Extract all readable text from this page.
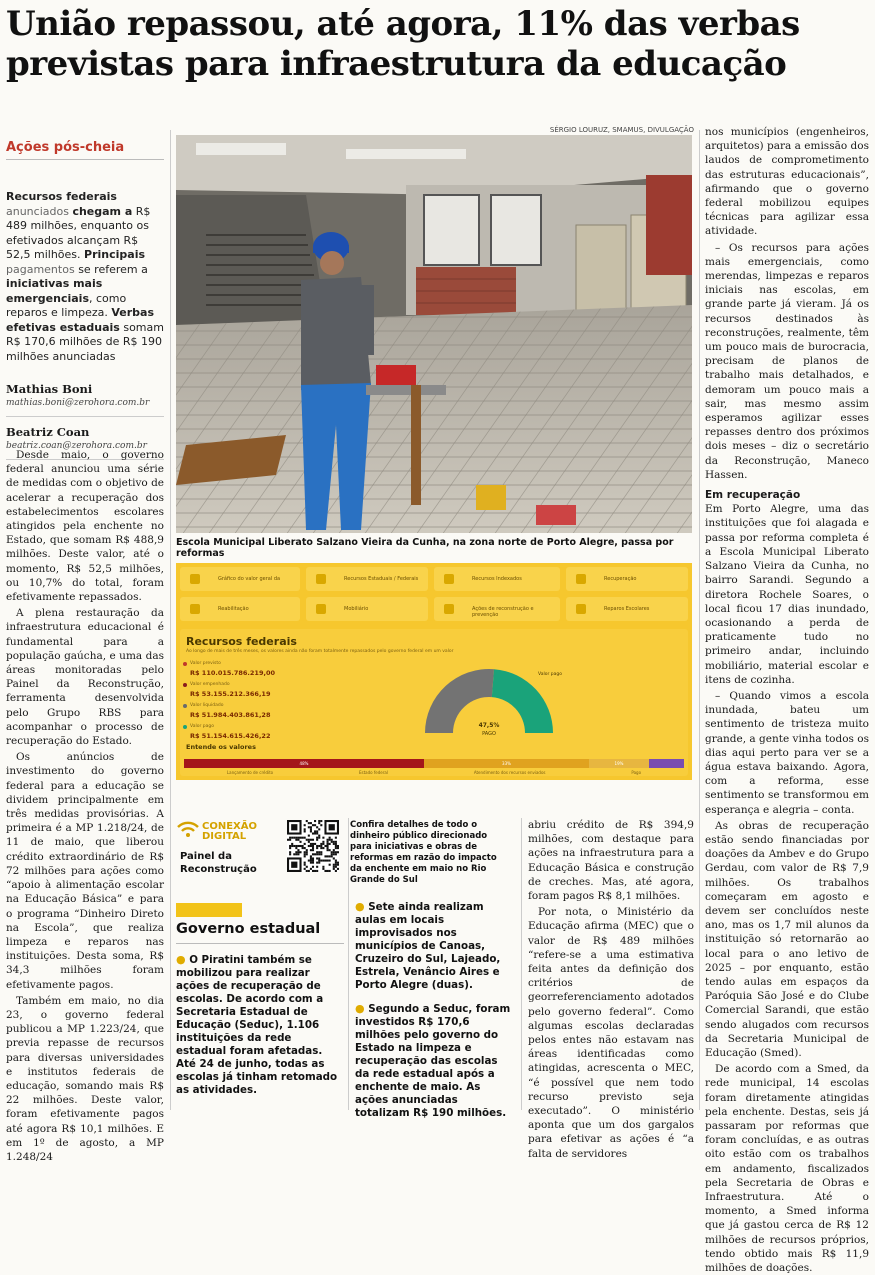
União repassou, até agora, 11% das verbas previstas para infraestrutura da educação
Ações pós-cheia
Recursos federais
anunciados chegam a R$ 489 milhões, enquanto os efetivados alcançam R$ 52,5 milhões. Principais pagamentos se referem a iniciativas mais emergenciais, como reparos e limpeza. Verbas efetivas estaduais somam R$ 170,6 milhões de R$ 190 milhões anunciadas
Mathias Boni
mathias.boni@zerohora.com.br
Beatriz Coan
beatriz.coan@zerohora.com.br

Desde maio, o governo federal anunciou uma série de medidas com o objetivo de acelerar a recuperação dos estabelecimentos escolares atingidos pela enchente no Estado, que somam R$ 488,9 milhões. Deste valor, até o momento, R$ 52,5 milhões, ou 10,7% do total, foram efetivamente repassados.

A plena restauração da infraestrutura educacional é fundamental para a população gaúcha, e uma das áreas monitoradas pelo Painel da Reconstrução, ferramenta desenvolvida pelo Grupo RBS para acompanhar o processo de recuperação do Estado.

Os anúncios de investimento do governo federal para a educação se dividem principalmente em três medidas provisórias. A primeira é a MP 1.218/24, de 11 de maio, que liberou crédito extraordinário de R$ 72 milhões para ações como “apoio à alimentação escolar na Educação Básica” e para o programa “Dinheiro Direto na Escola”, que realiza limpeza e reparos nas instituições. Desta soma, R$ 34,3 milhões foram efetivamente pagos.

Também em maio, no dia 23, o governo federal publicou a MP 1.223/24, que previa repasse de recursos para diversas universidades e institutos federais de educação, somando mais R$ 22 milhões. Deste valor, foram efetivamente pagos até agora R$ 10,1 milhões. E em 1º de agosto, a MP 1.248/24

SÉRGIO LOURUZ, SMAMUS, DIVULGAÇÃO
Escola Municipal Liberato Salzano Vieira da Cunha, na zona norte de Porto Alegre, passa por reformas
Gráfico do valor geral da	Recursos Estaduais / Federais	Recursos Indexados	Recuperação
Reabilitação	Mobiliário	Ações de reconstrução e prevenção
Reparos Escolares
Recursos federais
Ao longo de mais de três meses, os valores ainda não foram totalmente repassados pelo governo federal em um valor
Valor previsto
R$ 110.015.786.219,00
Valor empenhado
R$ 53.155.212.366,19
Valor liquidado
R$ 51.984.403.861,28
Valor pago
R$ 51.154.615.426,22
47,5%
PAGO
Valor pago
Entende os valores
48%	33%	19%
Lançamento de crédito	Estado federal	Atendimento dos recursos enviados	Pago
CONEXÃO
DIGITAL
Painel da
Reconstrução
Confira detalhes de todo o dinheiro público direcionado para iniciativas e obras de reformas em razão do impacto da enchente em maio no Rio Grande do Sul
Governo estadual

● O Piratini também se mobilizou para realizar ações de recuperação de escolas. De acordo com a Secretaria Estadual de Educação (Seduc), 1.106 instituições da rede estadual foram afetadas. Até 24 de junho, todas as escolas já tinham retomado as atividades.

● Sete ainda realizam aulas em locais improvisados nos municípios de Canoas, Cruzeiro do Sul, Lajeado, Estrela, Venâncio Aires e Porto Alegre (duas).

● Segundo a Seduc, foram investidos R$ 170,6 milhões pelo governo do Estado na limpeza e recuperação das escolas da rede estadual após a enchente de maio. As ações anunciadas totalizam R$ 190 milhões.

abriu crédito de R$ 394,9 milhões, com destaque para ações na infraestrutura para a Educação Básica e construção de creches. Mas, até agora, foram pagos R$ 8,1 milhões.

Por nota, o Ministério da Educação afirma (MEC) que o valor de R$ 489 milhões “refere-se a uma estimativa feita antes da definição dos critérios de georreferenciamento adotados pelo governo federal”. Como algumas escolas declaradas pelos entes não estavam nas áreas identificadas como atingidas, acrescenta o MEC, “é possível que nem todo recurso previsto seja executado”. O ministério aponta que um dos gargalos para efetivar as ações é “a falta de servidores

nos municípios (engenheiros, arquitetos) para a emissão dos laudos de comprometimento das estruturas educacionais”, afirmando que o governo federal mobilizou equipes técnicas para agilizar essa atividade.

– Os recursos para ações mais emergenciais, como merendas, limpezas e reparos iniciais nas escolas, em grande parte já vieram. Já os recursos destinados às reconstruções, realmente, têm um pouco mais de burocracia, precisam de planos de trabalho mais detalhados, e demoram um pouco mais a sair, mas mesmo assim esperamos agilizar esses repasses dentro dos próximos dois meses – diz o secretário da Reconstrução, Maneco Hassen.

Em recuperação

Em Porto Alegre, uma das instituições que foi alagada e passa por reforma completa é a Escola Municipal Liberato Salzano Vieira da Cunha, no bairro Sarandi. Segundo a diretora Rochele Soares, o local ficou 17 dias inundado, ocasionando a perda de praticamente tudo no primeiro andar, incluindo mobiliário, material escolar e itens de cozinha.

– Quando vimos a escola inundada, bateu um sentimento de tristeza muito grande, a gente vinha todos os dias aqui perto para ver se a água estava baixando. Agora, com a reforma, esse sentimento se transformou em esperança e alegria – conta.

As obras de recuperação estão sendo financiadas por doações da Ambev e do Grupo Gerdau, com valor de R$ 7,9 milhões. Os trabalhos começaram em agosto e devem ser concluídos neste ano, mas os 1,7 mil alunos da instituição só retornarão ao local para o ano letivo de 2025 – por enquanto, estão tendo aulas em espaços da Paróquia São José e do Clube Comercial Sarandi, que estão sendo alugados com recursos da Secretaria Municipal de Educação (Smed).

De acordo com a Smed, da rede municipal, 14 escolas foram diretamente atingidas pela enchente. Destas, seis já passaram por reformas que foram concluídas, e as outras oito estão com os trabalhos em andamento, fiscalizados pela Secretaria de Obras e Infraestrutura. Até o momento, a Smed informa que já gastou cerca de R$ 12 milhões de recursos próprios, tendo obtido mais R$ 11,9 milhões de doações.
